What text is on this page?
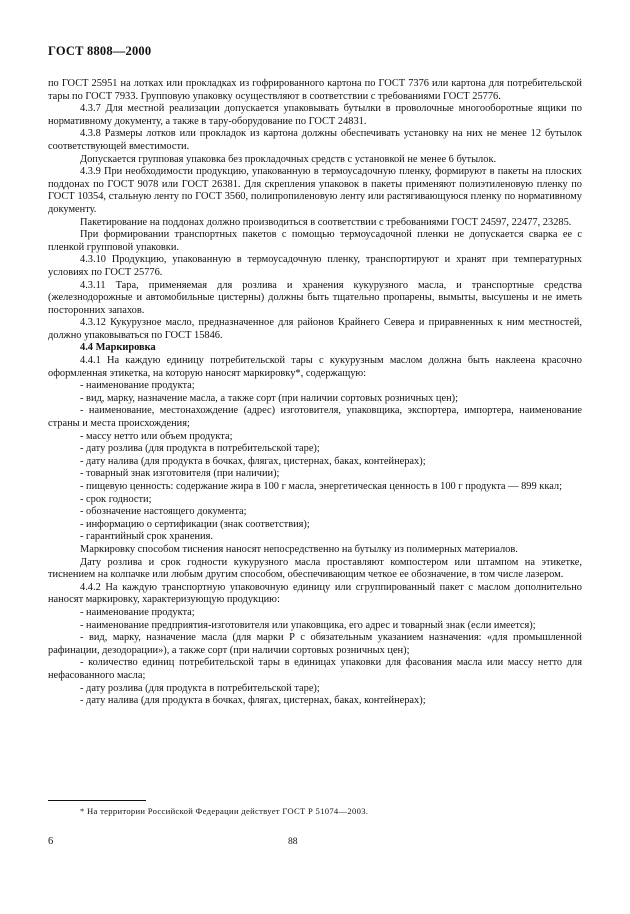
ГОСТ 8808—2000

по ГОСТ 25951 на лотках или прокладках из гофрированного картона по ГОСТ 7376 или картона для потребительской тары по ГОСТ 7933. Групповую упаковку осуществляют в соответствии с требованиями ГОСТ 25776.

4.3.7 Для местной реализации допускается упаковывать бутылки в проволочные многооборотные ящики по нормативному документу, а также в тару-оборудование по ГОСТ 24831.

4.3.8 Размеры лотков или прокладок из картона должны обеспечивать установку на них не менее 12 бутылок соответствующей вместимости.

Допускается групповая упаковка без прокладочных средств с установкой не менее 6 бутылок.

4.3.9 При необходимости продукцию, упакованную в термоусадочную пленку, формируют в пакеты на плоских поддонах по ГОСТ 9078 или ГОСТ 26381. Для скрепления упаковок в пакеты применяют полиэтиленовую пленку по ГОСТ 10354, стальную ленту по ГОСТ 3560, полипропиленовую ленту или растягивающуюся пленку по нормативному документу.

Пакетирование на поддонах должно производиться в соответствии с требованиями ГОСТ 24597, 22477, 23285.

При формировании транспортных пакетов с помощью термоусадочной пленки не допускается сварка ее с пленкой групповой упаковки.

4.3.10 Продукцию, упакованную в термоусадочную пленку, транспортируют и хранят при температурных условиях по ГОСТ 25776.

4.3.11 Тара, применяемая для розлива и хранения кукурузного масла, и транспортные средства (железнодорожные и автомобильные цистерны) должны быть тщательно пропарены, вымыты, высушены и не иметь посторонних запахов.

4.3.12 Кукурузное масло, предназначенное для районов Крайнего Севера и приравненных к ним местностей, должно упаковываться по ГОСТ 15846.

4.4 Маркировка

4.4.1 На каждую единицу потребительской тары с кукурузным маслом должна быть наклеена красочно оформленная этикетка, на которую наносят маркировку*, содержащую:

- наименование продукта;

- вид, марку, назначение масла, а также сорт (при наличии сортовых розничных цен);

- наименование, местонахождение (адрес) изготовителя, упаковщика, экспортера, импортера, наименование страны и места происхождения;

- массу нетто или объем продукта;

- дату розлива (для продукта в потребительской таре);

- дату налива (для продукта в бочках, флягах, цистернах, баках, контейнерах);

- товарный знак изготовителя (при наличии);

- пищевую ценность: содержание жира в 100 г масла, энергетическая ценность в 100 г продукта — 899 ккал;

- срок годности;

- обозначение настоящего документа;

- информацию о сертификации (знак соответствия);

- гарантийный срок хранения.

Маркировку способом тиснения наносят непосредственно на бутылку из полимерных материалов.

Дату розлива и срок годности кукурузного масла проставляют компостером или штампом на этикетке, тиснением на колпачке или любым другим способом, обеспечивающим четкое ее обозначение, в том числе лазером.

4.4.2 На каждую транспортную упаковочную единицу или сгруппированный пакет с маслом дополнительно наносят маркировку, характеризующую продукцию:

- наименование продукта;

- наименование предприятия-изготовителя или упаковщика, его адрес и товарный знак (если имеется);

- вид, марку, назначение масла (для марки Р с обязательным указанием назначения: «для промышленной рафинации, дезодорации»), а также сорт (при наличии сортовых розничных цен);

- количество единиц потребительской тары в единицах упаковки для фасования масла или массу нетто для нефасованного масла;

- дату розлива (для продукта в потребительской таре);

- дату налива (для продукта в бочках, флягах, цистернах, баках, контейнерах);

* На территории Российской Федерации действует ГОСТ Р 51074—2003.
6	88
